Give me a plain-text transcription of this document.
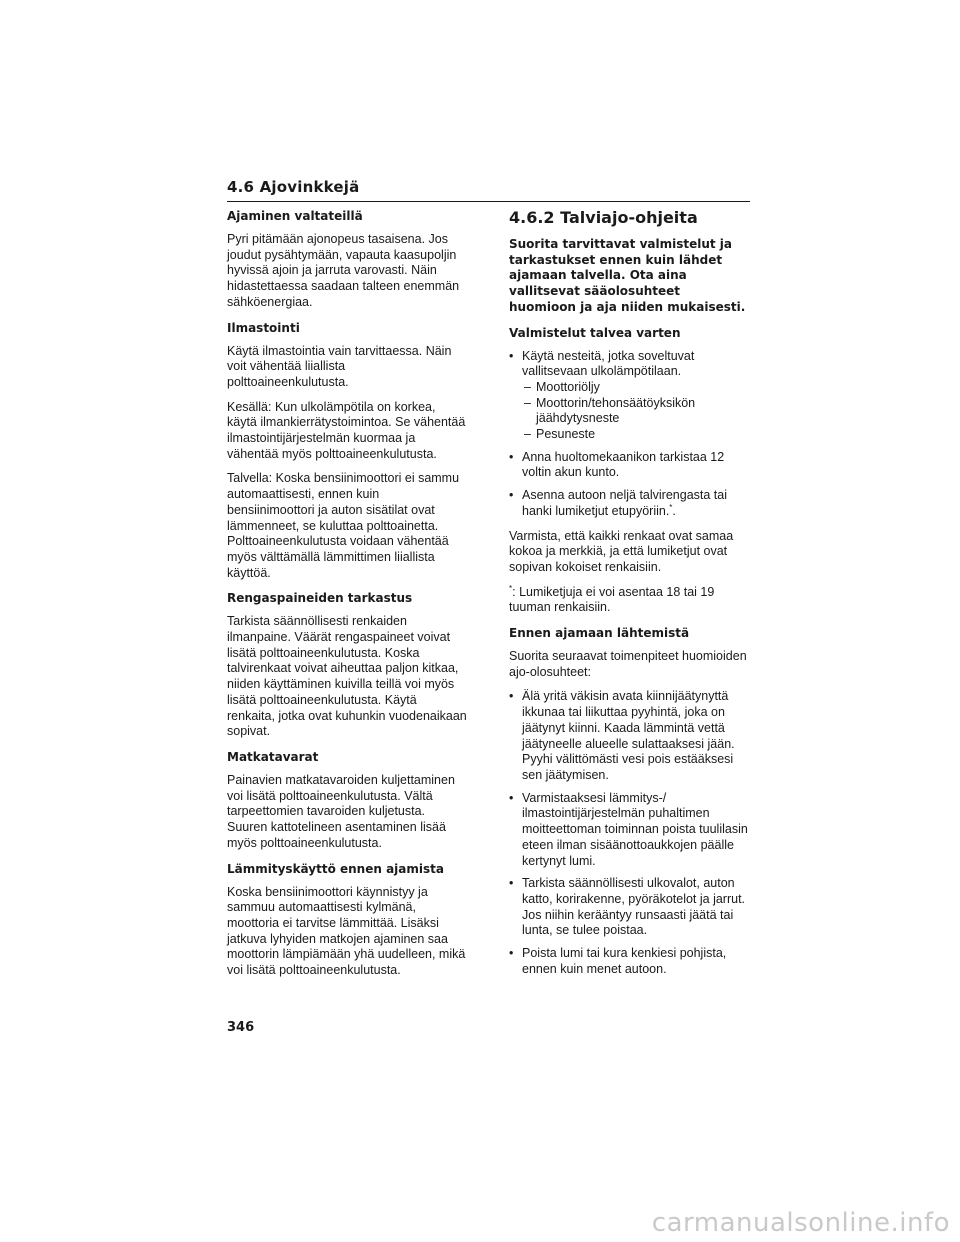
4.6 Ajovinkkejä
Ajaminen valtateillä
Pyri pitämään ajonopeus tasaisena. Jos joudut pysähtymään, vapauta kaasupoljin hyvissä ajoin ja jarruta varovasti. Näin hidastettaessa saadaan talteen enemmän sähköenergiaa.
Ilmastointi
Käytä ilmastointia vain tarvittaessa. Näin voit vähentää liiallista polttoaineenkulutusta.
Kesällä: Kun ulkolämpötila on korkea, käytä ilmankierrätystoimintoa. Se vähentää ilmastointijärjestelmän kuormaa ja vähentää myös polttoaineenkulutusta.
Talvella: Koska bensiinimoottori ei sammu automaattisesti, ennen kuin bensiinimoottori ja auton sisätilat ovat lämmenneet, se kuluttaa polttoainetta. Polttoaineenkulutusta voidaan vähentää myös välttämällä lämmittimen liiallista käyttöä.
Rengaspaineiden tarkastus
Tarkista säännöllisesti renkaiden ilmanpaine. Väärät rengaspaineet voivat lisätä polttoaineenkulutusta. Koska talvirenkaat voivat aiheuttaa paljon kitkaa, niiden käyttäminen kuivilla teillä voi myös lisätä polttoaineenkulutusta. Käytä renkaita, jotka ovat kuhunkin vuodenaikaan sopivat.
Matkatavarat
Painavien matkatavaroiden kuljettaminen voi lisätä polttoaineenkulutusta. Vältä tarpeettomien tavaroiden kuljetusta. Suuren kattotelineen asentaminen lisää myös polttoaineenkulutusta.
Lämmityskäyttö ennen ajamista
Koska bensiinimoottori käynnistyy ja sammuu automaattisesti kylmänä, moottoria ei tarvitse lämmittää. Lisäksi jatkuva lyhyiden matkojen ajaminen saa moottorin lämpiämään yhä uudelleen, mikä voi lisätä polttoaineenkulutusta.
4.6.2 Talviajo-ohjeita
Suorita tarvittavat valmistelut ja tarkastukset ennen kuin lähdet ajamaan talvella. Ota aina vallitsevat sääolosuhteet huomioon ja aja niiden mukaisesti.
Valmistelut talvea varten
• Käytä nesteitä, jotka soveltuvat vallitsevaan ulkolämpötilaan.
– Moottoriöljy
– Moottorin/tehonsäätöyksikön jäähdytysneste
– Pesuneste
• Anna huoltomekaanikon tarkistaa 12 voltin akun kunto.
• Asenna autoon neljä talvirengasta tai hanki lumiketjut etupyöriin.*.
Varmista, että kaikki renkaat ovat samaa kokoa ja merkkiä, ja että lumiketjut ovat sopivan kokoiset renkaisiin.
*: Lumiketjuja ei voi asentaa 18 tai 19 tuuman renkaisiin.
Ennen ajamaan lähtemistä
Suorita seuraavat toimenpiteet huomioiden ajo-olosuhteet:
• Älä yritä väkisin avata kiinnijäätynyttä ikkunaa tai liikuttaa pyyhintä, joka on jäätynyt kiinni. Kaada lämmintä vettä jäätyneelle alueelle sulattaaksesi jään. Pyyhi välittömästi vesi pois estääksesi sen jäätymisen.
• Varmistaaksesi lämmitys-/ ilmastointijärjestelmän puhaltimen moitteettoman toiminnan poista tuulilasin eteen ilman sisäänottoaukkojen päälle kertynyt lumi.
• Tarkista säännöllisesti ulkovalot, auton katto, korirakenne, pyöräkotelot ja jarrut. Jos niihin kerääntyy runsaasti jäätä tai lunta, se tulee poistaa.
• Poista lumi tai kura kenkiesi pohjista, ennen kuin menet autoon.
346
carmanualsonline.info
